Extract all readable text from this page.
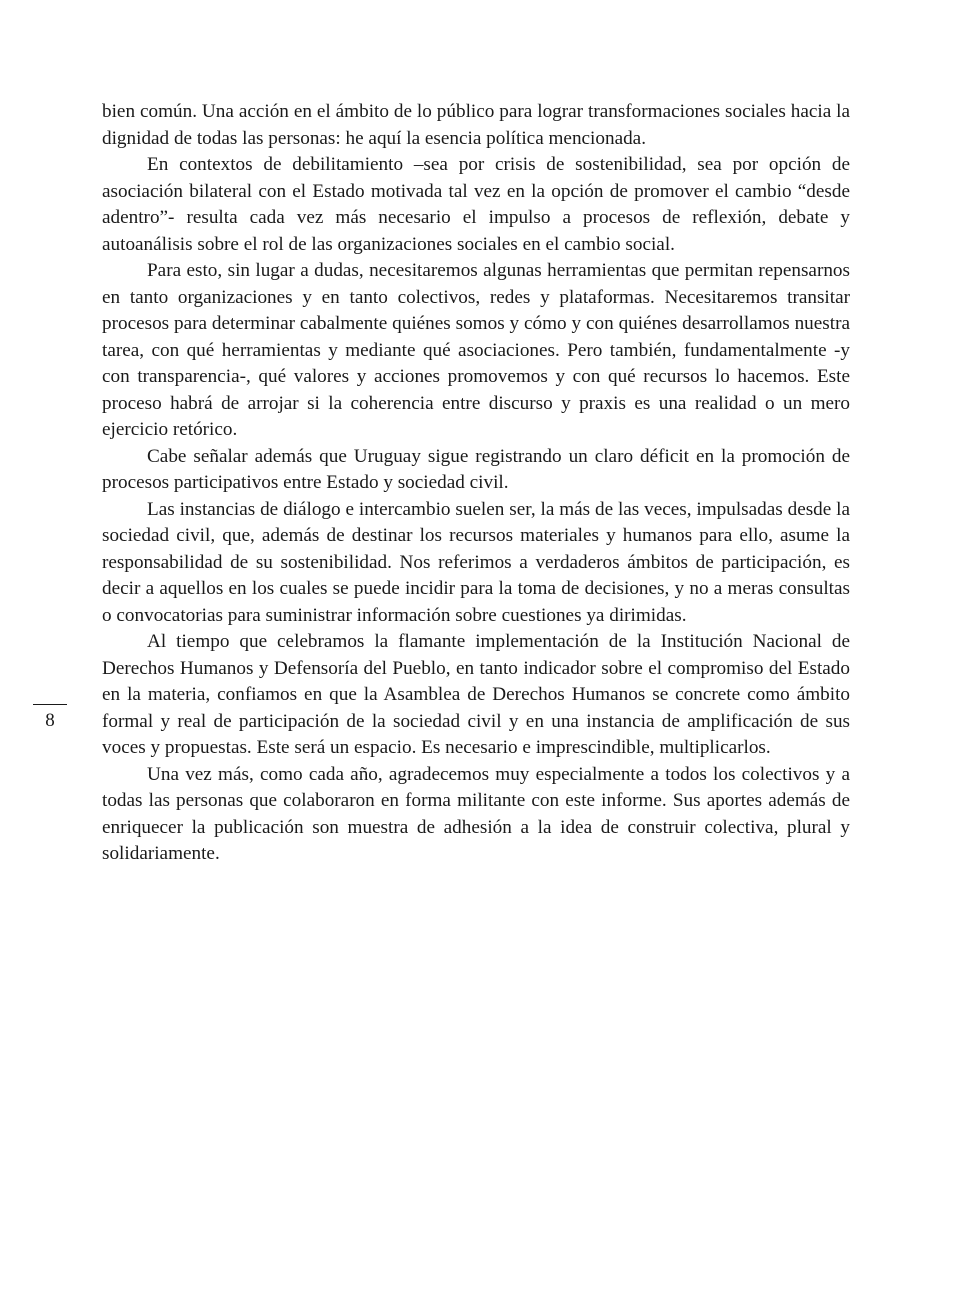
bien común. Una acción en el ámbito de lo público para lograr transformaciones sociales hacia la dignidad de todas las personas: he aquí la esencia política mencionada.

En contextos de debilitamiento –sea por crisis de sostenibilidad, sea por opción de asociación bilateral con el Estado motivada tal vez en la opción de promover el cambio “desde adentro”- resulta cada vez más necesario el impulso a procesos de reflexión, debate y autoanálisis sobre el rol de las organizaciones sociales en el cambio social.

Para esto, sin lugar a dudas, necesitaremos algunas herramientas que permitan repensarnos en tanto organizaciones y en tanto colectivos, redes y plataformas. Necesitaremos transitar procesos para determinar cabalmente quiénes somos y cómo y con quiénes desarrollamos nuestra tarea, con qué herramientas y mediante qué asociaciones. Pero también, fundamentalmente -y con transparencia-, qué valores y acciones promovemos y con qué recursos lo hacemos. Este proceso habrá de arrojar si la coherencia entre discurso y praxis es una realidad o un mero ejercicio retórico.

Cabe señalar además que Uruguay sigue registrando un claro déficit en la promoción de procesos participativos entre Estado y sociedad civil.

Las instancias de diálogo e intercambio suelen ser, la más de las veces, impulsadas desde la sociedad civil, que, además de destinar los recursos materiales y humanos para ello, asume la responsabilidad de su sostenibilidad. Nos referimos a verdaderos ámbitos de participación, es decir a aquellos en los cuales se puede incidir para la toma de decisiones, y no a meras consultas o convocatorias para suministrar información sobre cuestiones ya dirimidas.

Al tiempo que celebramos la flamante implementación de la Institución Nacional de Derechos Humanos y Defensoría del Pueblo, en tanto indicador sobre el compromiso del Estado en la materia, confiamos en que la Asamblea de Derechos Humanos se concrete como ámbito formal y real de participación de la sociedad civil y en una instancia de amplificación de sus voces y propuestas. Este será un espacio. Es necesario e imprescindible, multiplicarlos.

Una vez más, como cada año, agradecemos muy especialmente a todos los colectivos y a todas las personas que colaboraron en forma militante con este informe. Sus aportes además de enriquecer la publicación son muestra de adhesión a la idea de construir colectiva, plural y solidariamente.

8
